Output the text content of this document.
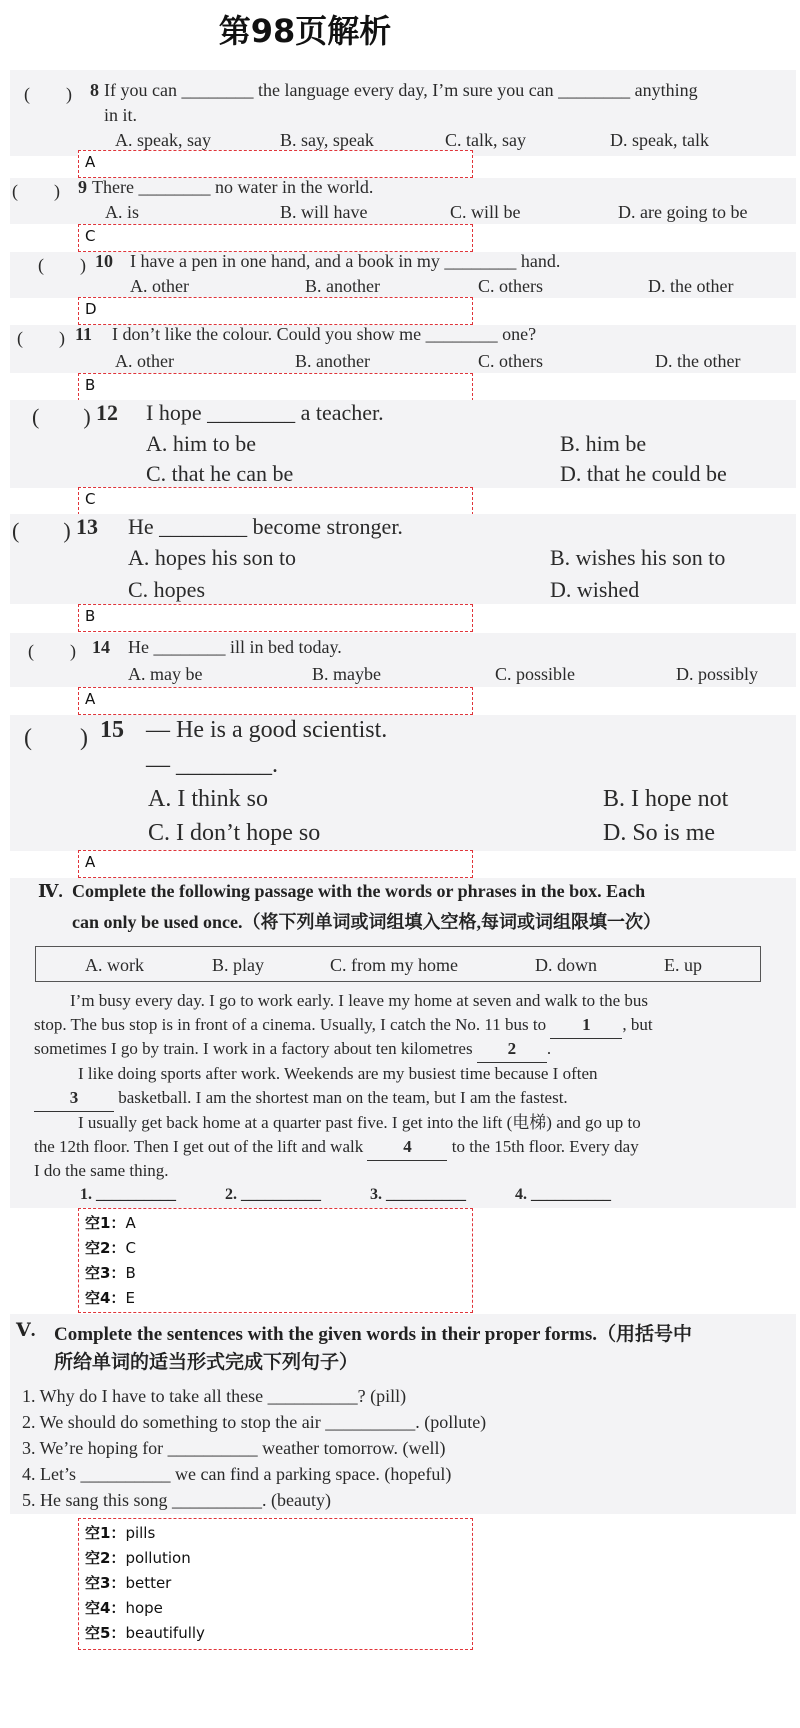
第98页解析
(　　) 8 If you can ________ the language every day, I’m sure you can ________ anything
in it.
A. speak, say	B. say, speak	C. talk, say	D. speak, talk
A
(　　) 9 There ________ no water in the world.
A. is	B. will have	C. will be	D. are going to be
C
(　　) 10 I have a pen in one hand, and a book in my ________ hand.
A. other	B. another	C. others	D. the other
D
(　　) 11 I don’t like the colour. Could you show me ________ one?
A. other	B. another	C. others	D. the other
B
(　　) 12 I hope ________ a teacher.
A. him to be	B. him be
C. that he can be	D. that he could be
C
(　　) 13 He ________ become stronger.
A. hopes his son to	B. wishes his son to
C. hopes	D. wished
B
(　　) 14 He ________ ill in bed today.
A. may be	B. maybe	C. possible	D. possibly
A
(　　) 15 — He is a good scientist.
— ________.
A. I think so	B. I hope not
C. I don’t hope so	D. So is me
A
Ⅳ. Complete the following passage with the words or phrases in the box. Each
can only be used once.（将下列单词或词组填入空格,每词或词组限填一次）
A. work	B. play	C. from my home	D. down	E. up
I’m busy every day. I go to work early. I leave my home at seven and walk to the bus
stop. The bus stop is in front of a cinema. Usually, I catch the No. 11 bus to 1 , but
sometimes I go by train. I work in a factory about ten kilometres 2 .
I like doing sports after work. Weekends are my busiest time because I often
3 basketball. I am the shortest man on the team, but I am the fastest.
I usually get back home at a quarter past five. I get into the lift (电梯) and go up to
the 12th floor. Then I get out of the lift and walk 4 to the 15th floor. Every day
I do the same thing.
1. __________	2. __________	3. __________	4. __________
空1：A
空2：C
空3：B
空4：E
Ⅴ. Complete the sentences with the given words in their proper forms.（用括号中
所给单词的适当形式完成下列句子）
1. Why do I have to take all these __________? (pill)
2. We should do something to stop the air __________. (pollute)
3. We’re hoping for __________ weather tomorrow. (well)
4. Let’s __________ we can find a parking space. (hopeful)
5. He sang this song __________. (beauty)
空1：pills
空2：pollution
空3：better
空4：hope
空5：beautifully
